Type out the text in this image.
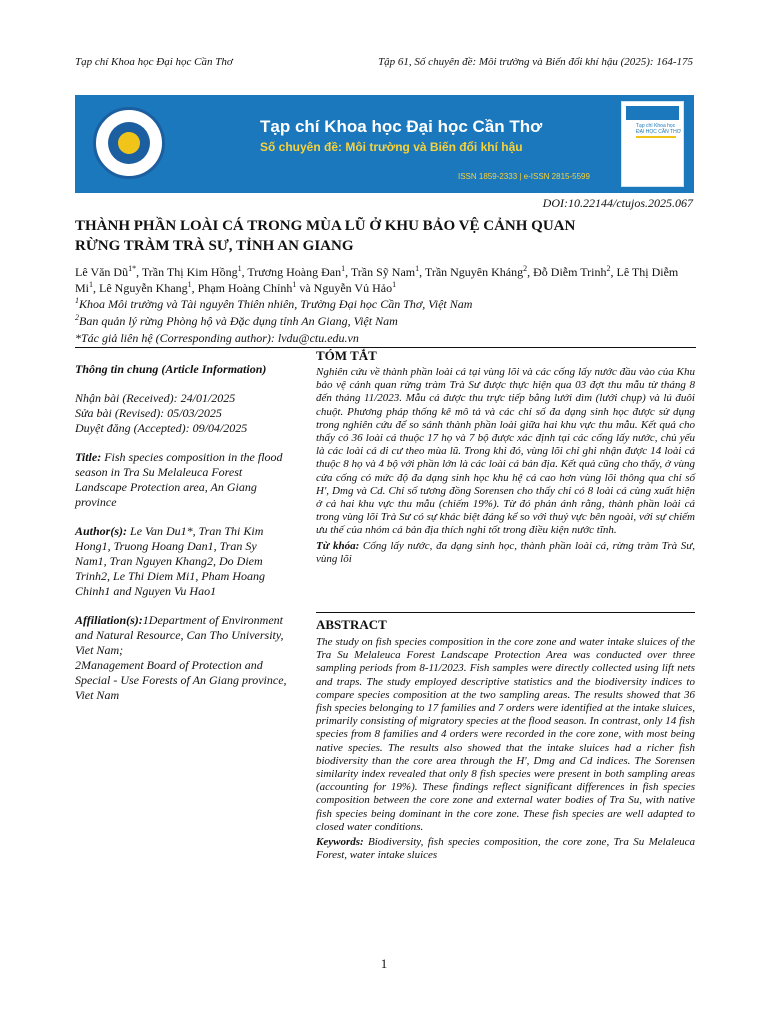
Tạp chí Khoa học Đại học Cần Thơ	Tập 61, Số chuyên đề: Môi trường và Biến đổi khí hậu (2025): 164-175
Tạp chí Khoa học Đại học Cần Thơ
Số chuyên đề: Môi trường và Biến đổi khí hậu
ISSN 1859-2333 | e-ISSN 2815-5599
Tạp chí Khoa học ĐẠI HỌC CẦN THƠ
DOI:10.22144/ctujos.2025.067
THÀNH PHẦN LOÀI CÁ TRONG MÙA LŨ Ở KHU BẢO VỆ CẢNH QUAN
RỪNG TRÀM TRÀ SƯ, TỈNH AN GIANG
Lê Văn $Dũ^{1*}$, Trần Thị Kim Hồng$^1$, Trương Hoàng Đan$^1$, Trần Sỹ Nam$^1$, Trần Nguyên Kháng$^2$, Đỗ Diễm Trinh$^2$, Lê Thị Diễm Mi$^1$, Lê Nguyễn Khang$^1$, Phạm Hoàng Chỉnh$^1$ và Nguyễn Vủ Hảo$^1$
$^1$Khoa Môi trường và Tài nguyên Thiên nhiên, Trường Đại học Cần Thơ, Việt Nam
$^2$Ban quản lý rừng Phòng hộ và Đặc dụng tỉnh An Giang, Việt Nam
*Tác giả liên hệ (Corresponding author): lvdu@ctu.edu.vn
Thông tin chung (Article Information)
Nhận bài (Received): 24/01/2025
Sửa bài (Revised): 05/03/2025
Duyệt đăng (Accepted): 09/04/2025
Title: Fish species composition in the flood season in Tra Su Melaleuca Forest Landscape Protection area, An Giang province
Author(s): Le Van Du1*, Tran Thi Kim Hong1, Truong Hoang Dan1, Tran Sy Nam1, Tran Nguyen Khang2, Do Diem Trinh2, Le Thi Diem Mi1, Pham Hoang Chinh1 and Nguyen Vu Hao1
Affiliation(s):1Department of Environment and Natural Resource, Can Tho University, Viet Nam;
2Management Board of Protection and Special - Use Forests of An Giang province, Viet Nam
TÓM TẮT
Nghiên cứu về thành phần loài cá tại vùng lõi và các cống lấy nước đầu vào của Khu bảo vệ cảnh quan rừng tràm Trà Sư được thực hiện qua 03 đợt thu mẫu từ tháng 8 đến tháng 11/2023. Mẫu cá được thu trực tiếp bằng lưới dìm (lưới chụp) và lú đuôi chuột. Phương pháp thống kê mô tả và các chỉ số đa dạng sinh học được sử dụng trong nghiên cứu để so sánh thành phần loài giữa hai khu vực thu mẫu. Kết quả cho thấy có 36 loài cá thuộc 17 họ và 7 bộ được xác định tại các cống lấy nước, chủ yếu là các loài cá di cư theo mùa lũ. Trong khi đó, vùng lõi chỉ ghi nhận được 14 loài cá thuộc 8 họ và 4 bộ với phần lớn là các loài cá bản địa. Kết quả cũng cho thấy, ở vùng cửa cống có mức độ đa dạng sinh học khu hệ cá cao hơn vùng lõi thông qua chỉ số H', Dmg và Cd. Chỉ số tương đồng Sorensen cho thấy chỉ có 8 loài cá cùng xuất hiện ở cả hai khu vực thu mẫu (chiếm 19%). Từ đó phản ánh rằng, thành phần loài cá trong vùng lõi Trà Sư có sự khác biệt đáng kể so với thuỷ vực bên ngoài, với sự chiếm ưu thế của nhóm cá bản địa thích nghi tốt trong điều kiện nước tĩnh.
Từ khóa: Cống lấy nước, đa dạng sinh học, thành phần loài cá, rừng tràm Trà Sư, vùng lõi
ABSTRACT
The study on fish species composition in the core zone and water intake sluices of the Tra Su Melaleuca Forest Landscape Protection Area was conducted over three sampling periods from 8-11/2023. Fish samples were directly collected using lift nets and traps. The study employed descriptive statistics and the biodiversity indices to compare species composition at the two sampling areas. The results showed that 36 fish species belonging to 17 families and 7 orders were identified at the intake sluices, primarily consisting of migratory species at the flood season. In contrast, only 14 fish species from 8 families and 4 orders were recorded in the core zone, with most being native species. The results also showed that the intake sluices had a richer fish biodiversity than the core area through the H', Dmg and Cd indices. The Sorensen similarity index revealed that only 8 fish species were present in both sampling areas (accounting for 19%). These findings reflect significant differences in fish species composition between the core zone and external water bodies of Tra Su, with native fish species being dominant in the core zone. These fish species are well adapted to closed water conditions.
Keywords: Biodiversity, fish species composition, the core zone, Tra Su Melaleuca Forest, water intake sluices
1
